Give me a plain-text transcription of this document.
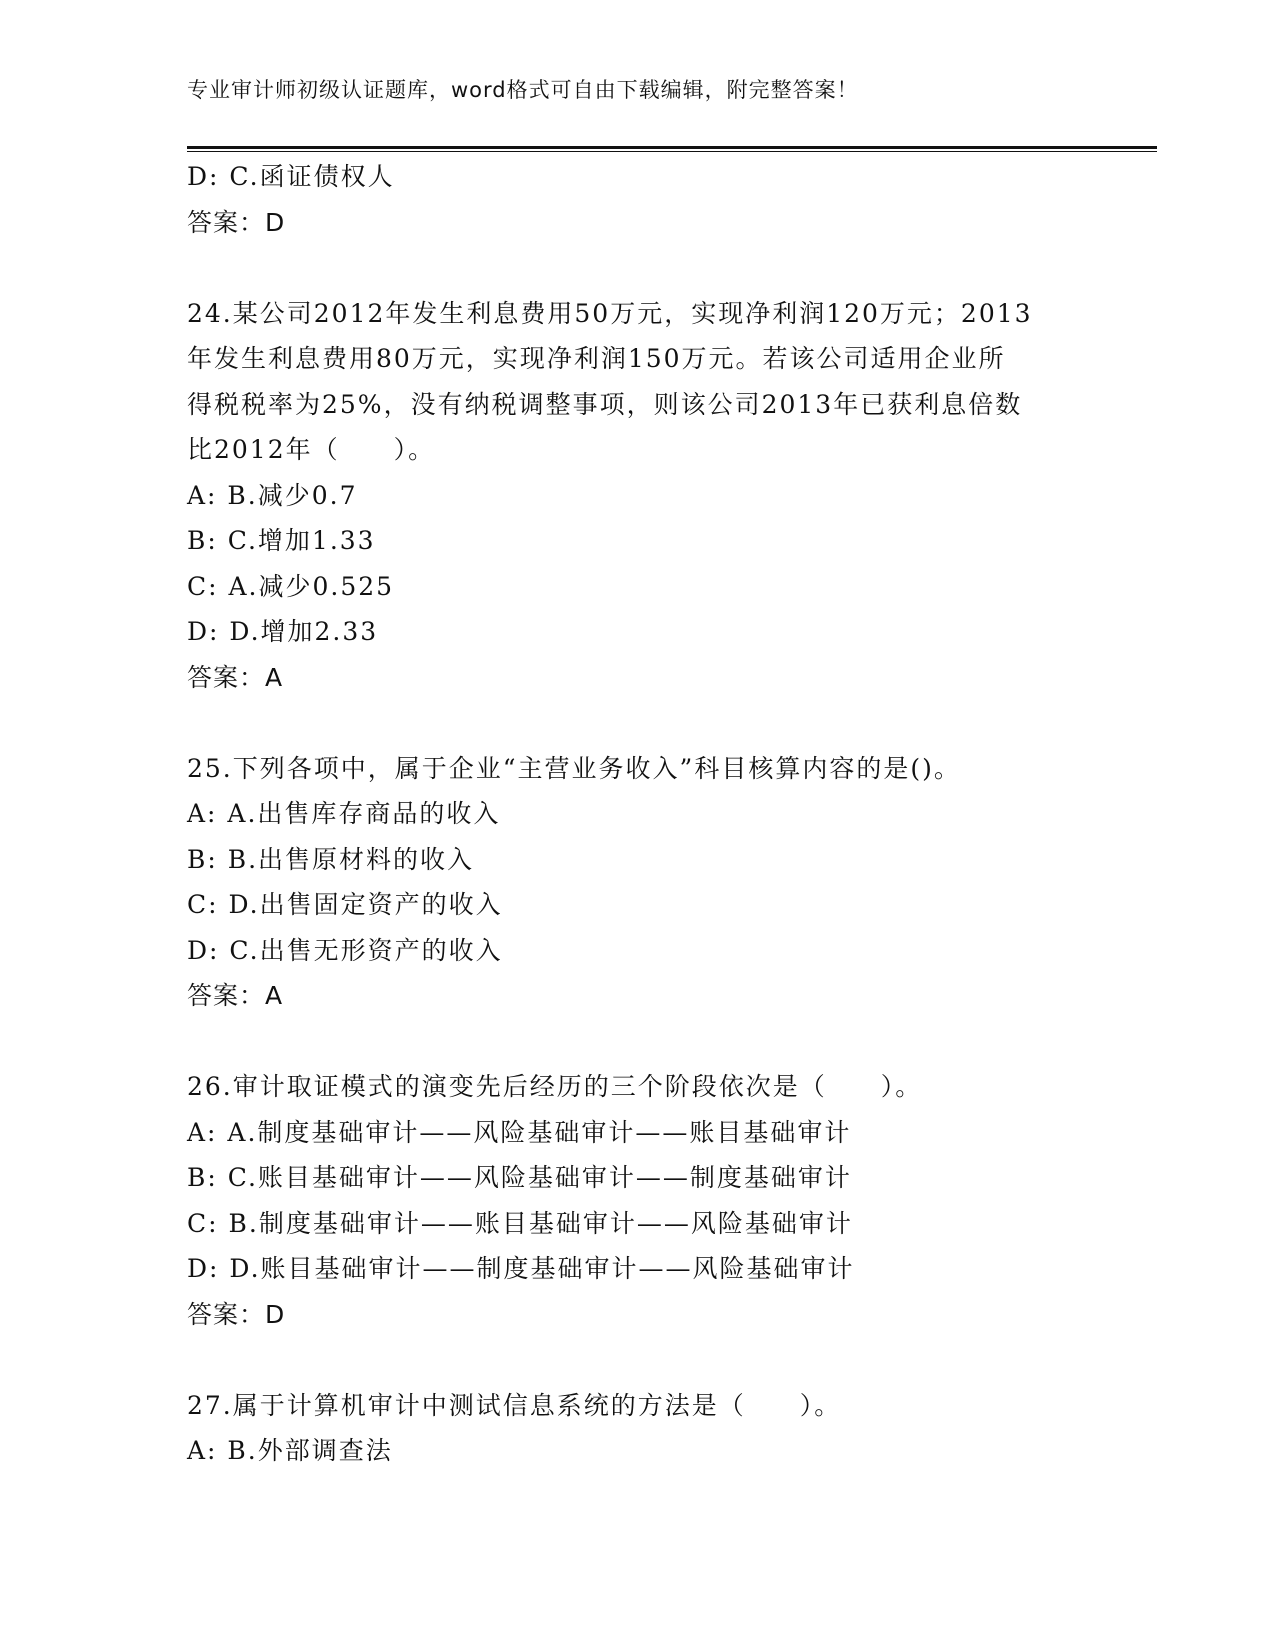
专业审计师初级认证题库，word格式可自由下载编辑，附完整答案！
D: C.函证债权人
答案：D
24.某公司2012年发生利息费用50万元，实现净利润120万元；2013
年发生利息费用80万元，实现净利润150万元。若该公司适用企业所
得税税率为25%，没有纳税调整事项，则该公司2013年已获利息倍数
比2012年（　　）。
A: B.减少0.7
B: C.增加1.33
C: A.减少0.525
D: D.增加2.33
答案：A
25.下列各项中，属于企业“主营业务收入”科目核算内容的是()。
A: A.出售库存商品的收入
B: B.出售原材料的收入
C: D.出售固定资产的收入
D: C.出售无形资产的收入
答案：A
26.审计取证模式的演变先后经历的三个阶段依次是（　　）。
A: A.制度基础审计——风险基础审计——账目基础审计
B: C.账目基础审计——风险基础审计——制度基础审计
C: B.制度基础审计——账目基础审计——风险基础审计
D: D.账目基础审计——制度基础审计——风险基础审计
答案：D
27.属于计算机审计中测试信息系统的方法是（　　）。
A: B.外部调查法
